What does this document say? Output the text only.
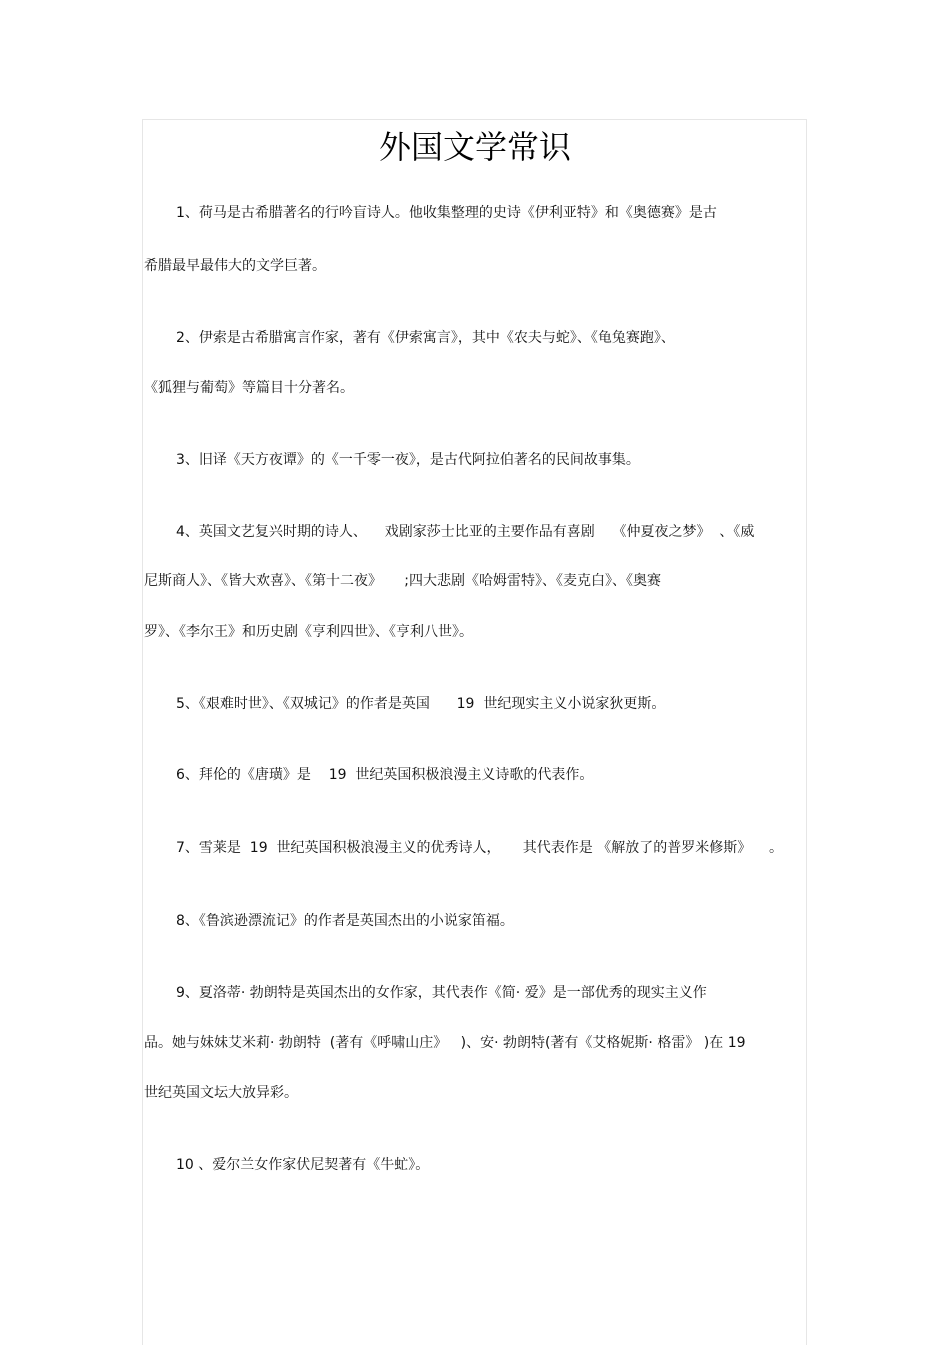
外国文学常识
1、荷马是古希腊著名的行吟盲诗人。他收集整理的史诗《伊利亚特》和《奥德赛》是古
希腊最早最伟大的文学巨著。
2、伊索是古希腊寓言作家，著有《伊索寓言》，其中《农夫与蛇》、《龟兔赛跑》、
《狐狸与葡萄》等篇目十分著名。
3、旧译《天方夜谭》的《一千零一夜》，是古代阿拉伯著名的民间故事集。
4、英国文艺复兴时期的诗人、    戏剧家莎士比亚的主要作品有喜剧    《仲夏夜之梦》  、《威
尼斯商人》、《皆大欢喜》、《第十二夜》     ;四大悲剧《哈姆雷特》、《麦克白》、《奥赛
罗》、《李尔王》和历史剧《亨利四世》、《亨利八世》。
5、《艰难时世》、《双城记》的作者是英国      19  世纪现实主义小说家狄更斯。
6、拜伦的《唐璜》是    19  世纪英国积极浪漫主义诗歌的代表作。
7、雪莱是  19  世纪英国积极浪漫主义的优秀诗人，     其代表作是 《解放了的普罗米修斯》    。
8、《鲁滨逊漂流记》的作者是英国杰出的小说家笛福。
9、夏洛蒂· 勃朗特是英国杰出的女作家，其代表作《简· 爱》是一部优秀的现实主义作
品。她与妹妹艾米莉· 勃朗特  (著有《呼啸山庄》   )、安· 勃朗特(著有《艾格妮斯· 格雷》 )在 19
世纪英国文坛大放异彩。
10 、爱尔兰女作家伏尼契著有《牛虻》。
